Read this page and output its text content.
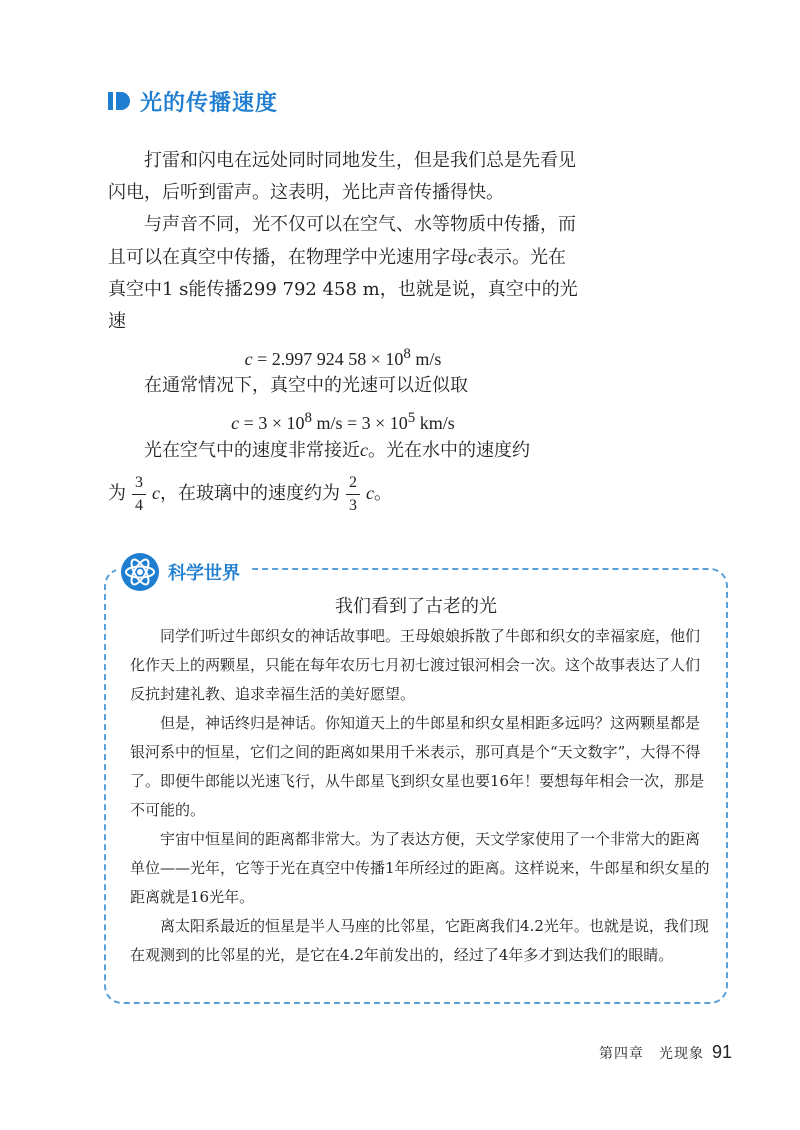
光的传播速度

打雷和闪电在远处同时同地发生，但是我们总是先看见闪电，后听到雷声。这表明，光比声音传播得快。

与声音不同，光不仅可以在空气、水等物质中传播，而且可以在真空中传播，在物理学中光速用字母c表示。光在真空中1 s能传播299 792 458 m，也就是说，真空中的光速

c = 2.997 924 $58 \times 10^8$ m/s

在通常情况下，真空中的光速可以近似取

$c = 3 \times 10^8$ $m/s = 3 \times 10^5$ km/s

光在空气中的速度非常接近c。光在水中的速度约

为 $\frac{3}{4}$ c，在玻璃中的速度约为 $\frac{2}{3}$ c。

科学世界
我们看到了古老的光

同学们听过牛郎织女的神话故事吧。王母娘娘拆散了牛郎和织女的幸福家庭，他们化作天上的两颗星，只能在每年农历七月初七渡过银河相会一次。这个故事表达了人们反抗封建礼教、追求幸福生活的美好愿望。

但是，神话终归是神话。你知道天上的牛郎星和织女星相距多远吗？这两颗星都是银河系中的恒星，它们之间的距离如果用千米表示，那可真是个“天文数字”，大得不得了。即便牛郎能以光速飞行，从牛郎星飞到织女星也要16年！要想每年相会一次，那是不可能的。

宇宙中恒星间的距离都非常大。为了表达方便，天文学家使用了一个非常大的距离单位——光年，它等于光在真空中传播1年所经过的距离。这样说来，牛郎星和织女星的距离就是16光年。

离太阳系最近的恒星是半人马座的比邻星，它距离我们4.2光年。也就是说，我们现在观测到的比邻星的光，是它在4.2年前发出的，经过了4年多才到达我们的眼睛。

第四章　光现象 91
